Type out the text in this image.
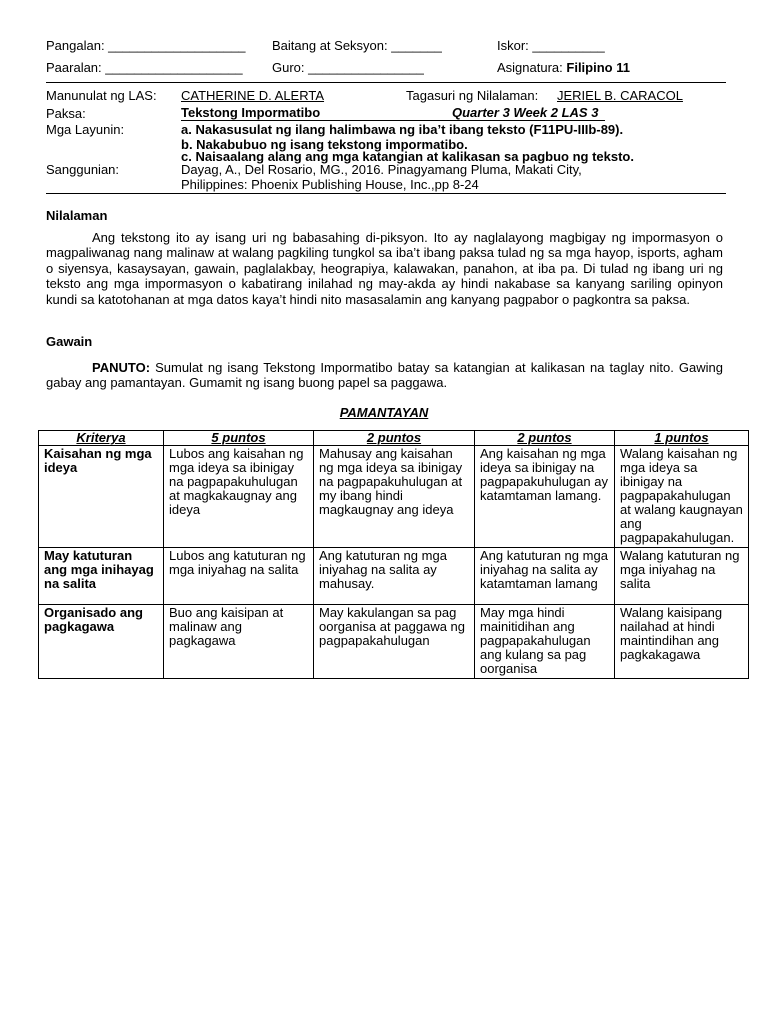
Pangalan: ___________________ Baitang at Seksyon: _______	Iskor: __________
Paaralan: ___________________ Guro: ________________	Asignatura: Filipino 11
Manunulat ng LAS: CATHERINE D. ALERTA	Tagasuri ng Nilalaman: JERIEL B. CARACOL
Paksa:	Tekstong Impormatibo	Quarter 3 Week 2 LAS 3
Mga Layunin:	a. Nakasusulat ng ilang halimbawa ng iba’t ibang teksto (F11PU-IIIb-89).
b. Nakabubuo ng isang tekstong impormatibo.
c. Naisaalang alang ang mga katangian at kalikasan sa pagbuo ng teksto.
Sanggunian:	Dayag, A., Del Rosario, MG., 2016. Pinagyamang Pluma, Makati City,
Philippines: Phoenix Publishing House, Inc.,pp 8-24
Nilalaman
Ang tekstong ito ay isang uri ng babasahing di-piksyon. Ito ay naglalayong magbigay ng impormasyon o magpaliwanag nang malinaw at walang pagkiling tungkol sa iba’t ibang paksa tulad ng sa mga hayop, isports, agham o siyensya, kasaysayan, gawain, paglalakbay, heograpiya, kalawakan, panahon, at iba pa. Di tulad ng ibang uri ng teksto ang mga impormasyon o kabatirang inilahad ng may-akda ay hindi nakabase sa kanyang sariling opinyon kundi sa katotohanan at mga datos kaya’t hindi nito masasalamin ang kanyang pagpabor o pagkontra sa paksa.
Gawain
PANUTO: Sumulat ng isang Tekstong Impormatibo batay sa katangian at kalikasan na taglay nito. Gawing gabay ang pamantayan. Gumamit ng isang buong papel sa paggawa.
PAMANTAYAN
Kriterya	5 puntos	2 puntos	2 puntos	1 puntos
Kaisahan ng mga ideya	Lubos ang kaisahan ng mga ideya sa ibinigay na pagpapakuhulugan at magkakaugnay ang ideya	Mahusay ang kaisahan ng mga ideya sa ibinigay na pagpapakuhulugan at my ibang hindi magkaugnay ang ideya	Ang kaisahan ng mga ideya sa ibinigay na pagpapakuhulugan ay katamtaman lamang.	Walang kaisahan ng mga ideya sa ibinigay na pagpapakahulugan at walang kaugnayan ang pagpapakahulugan.
May katuturan ang mga inihayag na salita	Lubos ang katuturan ng mga iniyahag na salita	Ang katuturan ng mga iniyahag na salita ay mahusay.	Ang katuturan ng mga iniyahag na salita ay katamtaman lamang	Walang katuturan ng mga iniyahag na salita
Organisado ang pagkagawa	Buo ang kaisipan at malinaw ang pagkagawa	May kakulangan sa pag oorganisa at paggawa ng pagpapakahulugan	May mga hindi mainitidihan ang pagpapakahulugan ang kulang sa pag oorganisa	Walang kaisipang nailahad at hindi maintindihan ang pagkakagawa
